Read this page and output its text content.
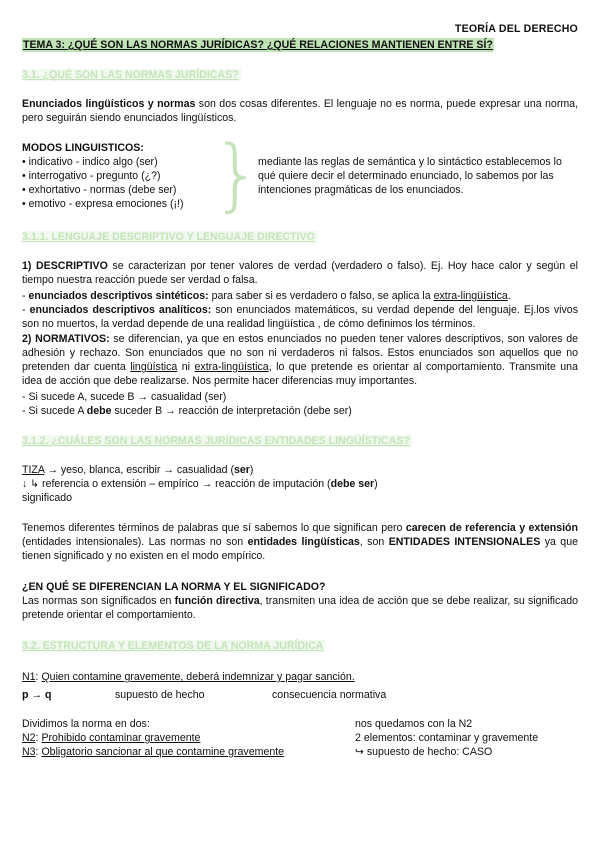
TEORÍA DEL DERECHO
TEMA 3: ¿QUÉ SON LAS NORMAS JURÍDICAS? ¿QUÉ RELACIONES MANTIENEN ENTRE SÍ?
3.1. ¿QUÉ SON LAS NORMAS JURÍDICAS?
Enunciados lingüísticos y normas son dos cosas diferentes. El lenguaje no es norma, puede expresar una norma, pero seguirán siendo enunciados lingüísticos.
MODOS LINGUISTICOS:
• indicativo - indico algo (ser)
• interrogativo - pregunto (¿?)
• exhortativo - normas (debe ser)
• emotivo - expresa emociones (¡!) }
mediante las reglas de semántica y lo sintáctico establecemos lo
qué quiere decir el determinado enunciado, lo sabemos por las
intenciones pragmáticas de los enunciados.
3.1.1. LENGUAJE DESCRIPTIVO Y LENGUAJE DIRECTIVO
1) DESCRIPTIVO se caracterizan por tener valores de verdad (verdadero o falso). Ej. Hoy hace calor y según el tiempo nuestra reacción puede ser verdad o falsa.
- enunciados descriptivos sintéticos: para saber si es verdadero o falso, se aplica la extra-lingüística.
- enunciados descriptivos analíticos: son enunciados matemáticos, su verdad depende del lenguaje. Ej.los vivos son no muertos, la verdad depende de una realidad lingüística , de cómo definimos los términos.
2) NORMATIVOS: se diferencian, ya que en estos enunciados no pueden tener valores descriptivos, son valores de adhesión y rechazo. Son enunciados que no son ni verdaderos ni falsos. Estos enunciados son aquellos que no pretenden dar cuenta lingüística ni extra-lingüística, lo que pretende es orientar al comportamiento. Transmite una idea de acción que debe realizarse. Nos permite hacer diferencias muy importantes.
- Si sucede A, sucede B → casualidad (ser)
- Si sucede A debe suceder B → reacción de interpretación (debe ser)
3.1.2. ¿CUÁLES SON LAS NORMAS JURÍDICAS ENTIDADES LINGÜÍSTICAS?
TIZA → yeso, blanca, escribir → casualidad (ser)
↓ ↳ referencia o extensión – empírico → reacción de imputación (debe ser)
significado
Tenemos diferentes términos de palabras que sí sabemos lo que significan pero carecen de referencia y extensión (entidades intensionales). Las normas no son entidades lingüísticas, son ENTIDADES INTENSIONALES ya que tienen significado y no existen en el modo empírico.
¿EN QUÉ SE DIFERENCIAN LA NORMA Y EL SIGNIFICADO?
Las normas son significados en función directiva, transmiten una idea de acción que se debe realizar, su significado pretende orientar el comportamiento.
3.2. ESTRUCTURA Y ELEMENTOS DE LA NORMA JURÍDICA
N1: Quien contamine gravemente, deberá indemnizar y pagar sanción.
p → q	supuesto de hecho	consecuencia normativa
Dividimos la norma en dos:
N2: Prohibido contaminar gravemente
N3: Obligatorio sancionar al que contamine gravemente
nos quedamos con la N2
2 elementos: contaminar y gravemente
↪ supuesto de hecho: CASO
